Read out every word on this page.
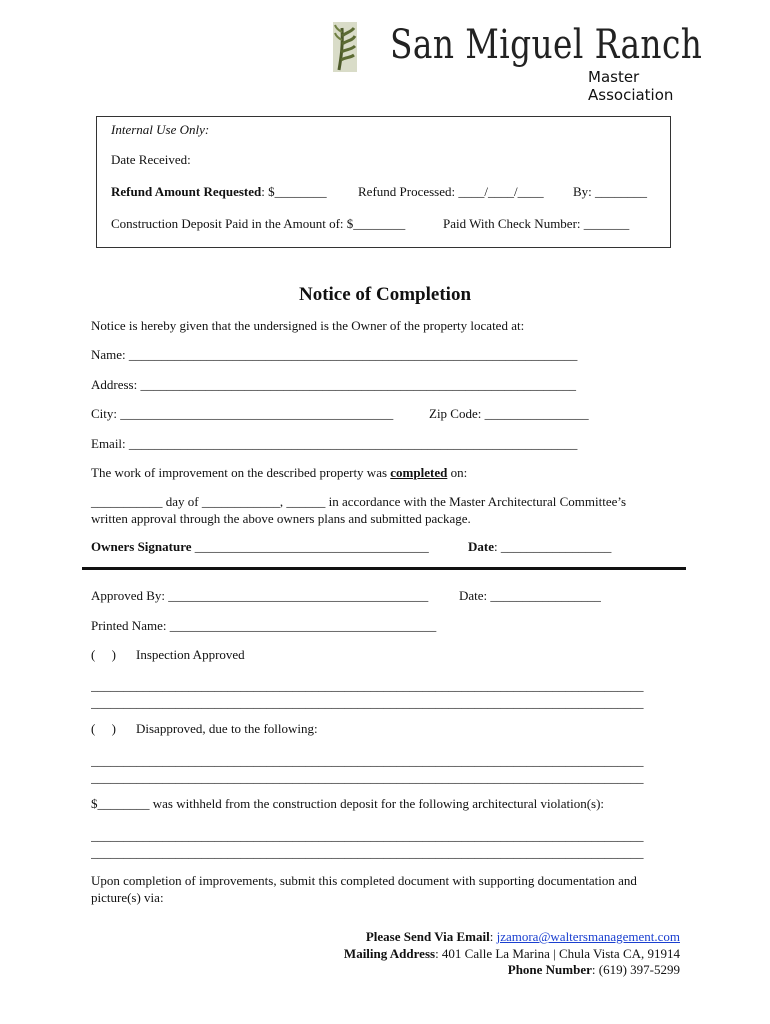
San Miguel Ranch
Master
Association
Internal Use Only:
Date Received:
Refund Amount Requested: $________ Refund Processed: ____/____/____ By: ________
Construction Deposit Paid in the Amount of: $________	Paid With Check Number: _______
Notice of Completion
Notice is hereby given that the undersigned is the Owner of the property located at:
Name: _____________________________________________________________________
Address: ___________________________________________________________________
City: __________________________________________	Zip Code: ________________
Email: _____________________________________________________________________
The work of improvement on the described property was completed on:
___________ day of ____________, ______ in accordance with the Master Architectural Committee’s
written approval through the above owners plans and submitted package.
Owners Signature ____________________________________	Date: _________________
Approved By: ________________________________________ Date: _________________
Printed Name: _________________________________________
(     ) Inspection Approved
_____________________________________________________________________________________
_____________________________________________________________________________________
(     ) Disapproved, due to the following:
_____________________________________________________________________________________
_____________________________________________________________________________________
$________ was withheld from the construction deposit for the following architectural violation(s):
_____________________________________________________________________________________
_____________________________________________________________________________________
Upon completion of improvements, submit this completed document with supporting documentation and
picture(s) via:
Please Send Via Email: jzamora@waltersmanagement.com
Mailing Address: 401 Calle La Marina | Chula Vista CA, 91914
Phone Number: (619) 397-5299
